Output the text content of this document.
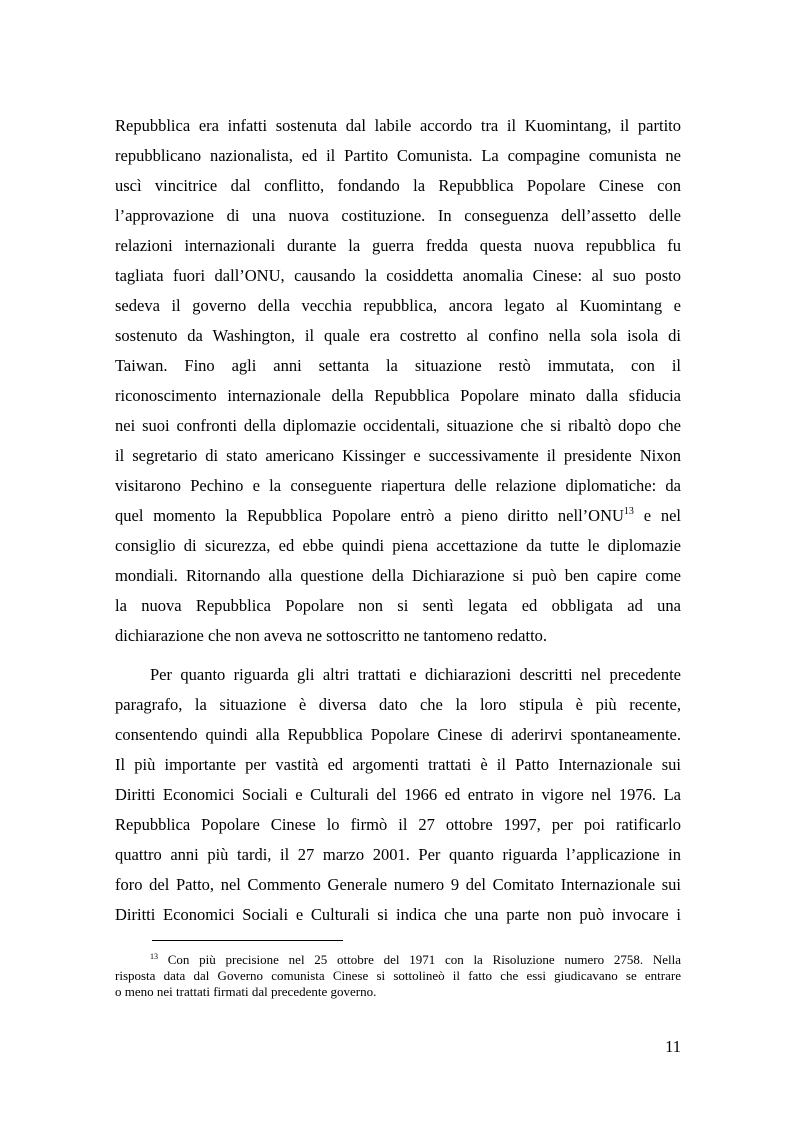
Repubblica era infatti sostenuta dal labile accordo tra il Kuomintang, il partito
repubblicano nazionalista, ed il Partito Comunista. La compagine comunista ne
uscì vincitrice dal conflitto, fondando la Repubblica Popolare Cinese con
l’approvazione di una nuova costituzione. In conseguenza dell’assetto delle
relazioni internazionali durante la guerra fredda questa nuova repubblica fu
tagliata fuori dall’ONU, causando la cosiddetta anomalia Cinese: al suo posto
sedeva il governo della vecchia repubblica, ancora legato al Kuomintang e
sostenuto da Washington, il quale era costretto al confino nella sola isola di
Taiwan. Fino agli anni settanta la situazione restò immutata, con il
riconoscimento internazionale della Repubblica Popolare minato dalla sfiducia
nei suoi confronti della diplomazie occidentali, situazione che si ribaltò dopo che
il segretario di stato americano Kissinger e successivamente il presidente Nixon
visitarono Pechino e la conseguente riapertura delle relazione diplomatiche: da
quel momento la Repubblica Popolare entrò a pieno diritto nell’ONU$^{13}$ e nel
consiglio di sicurezza, ed ebbe quindi piena accettazione da tutte le diplomazie
mondiali. Ritornando alla questione della Dichiarazione si può ben capire come
la nuova Repubblica Popolare non si sentì legata ed obbligata ad una
dichiarazione che non aveva ne sottoscritto ne tantomeno redatto.
Per quanto riguarda gli altri trattati e dichiarazioni descritti nel precedente
paragrafo, la situazione è diversa dato che la loro stipula è più recente,
consentendo quindi alla Repubblica Popolare Cinese di aderirvi spontaneamente.
Il più importante per vastità ed argomenti trattati è il Patto Internazionale sui
Diritti Economici Sociali e Culturali del 1966 ed entrato in vigore nel 1976. La
Repubblica Popolare Cinese lo firmò il 27 ottobre 1997, per poi ratificarlo
quattro anni più tardi, il 27 marzo 2001. Per quanto riguarda l’applicazione in
foro del Patto, nel Commento Generale numero 9 del Comitato Internazionale sui
Diritti Economici Sociali e Culturali si indica che una parte non può invocare i
$^{13}$ Con più precisione nel 25 ottobre del 1971 con la Risoluzione numero 2758. Nella
risposta data dal Governo comunista Cinese si sottolineò il fatto che essi giudicavano se entrare
o meno nei trattati firmati dal precedente governo.
11
